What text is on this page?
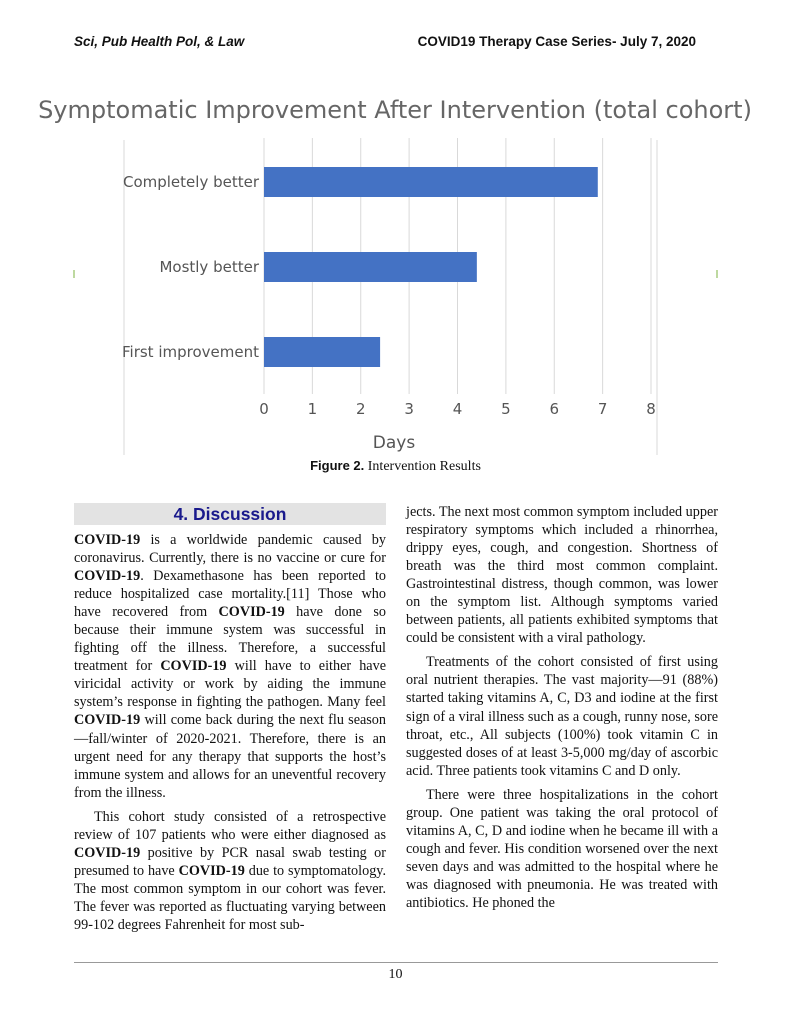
Sci, Pub Health Pol, & Law	COVID19 Therapy Case Series- July 7, 2020
Symptomatic Improvement After Intervention (total cohort)
Completely better
Mostly better
First improvement
0	1	2	3	4	5	6	7	8
Days
Figure 2. Intervention Results
4. Discussion

COVID-19 is a worldwide pandemic caused by coronavirus. Currently, there is no vaccine or cure for COVID-19. Dexamethasone has been reported to reduce hospitalized case mortality.[11] Those who have recovered from COVID-19 have done so because their immune system was successful in fighting off the illness. Therefore, a successful treatment for COVID-19 will have to either have viricidal activity or work by aiding the immune system’s response in fighting the pathogen. Many feel COVID-19 will come back during the next flu season—fall/winter of 2020-2021. Therefore, there is an urgent need for any therapy that supports the host’s immune system and allows for an uneventful recovery from the illness.

This cohort study consisted of a retrospective review of 107 patients who were either diagnosed as COVID-19 positive by PCR nasal swab testing or presumed to have COVID-19 due to symptomatology. The most common symptom in our cohort was fever. The fever was reported as fluctuating varying between 99-102 degrees Fahrenheit for most sub-

jects. The next most common symptom included upper respiratory symptoms which included a rhinorrhea, drippy eyes, cough, and congestion. Shortness of breath was the third most common complaint. Gastrointestinal distress, though common, was lower on the symptom list. Although symptoms varied between patients, all patients exhibited symptoms that could be consistent with a viral pathology.

Treatments of the cohort consisted of first using oral nutrient therapies. The vast majority—91 (88%) started taking vitamins A, C, D3 and iodine at the first sign of a viral illness such as a cough, runny nose, sore throat, etc., All subjects (100%) took vitamin C in suggested doses of at least 3-5,000 mg/day of ascorbic acid. Three patients took vitamins C and D only.

There were three hospitalizations in the cohort group. One patient was taking the oral protocol of vitamins A, C, D and iodine when he became ill with a cough and fever. His condition worsened over the next seven days and was admitted to the hospital where he was diagnosed with pneumonia. He was treated with antibiotics. He phoned the

10
